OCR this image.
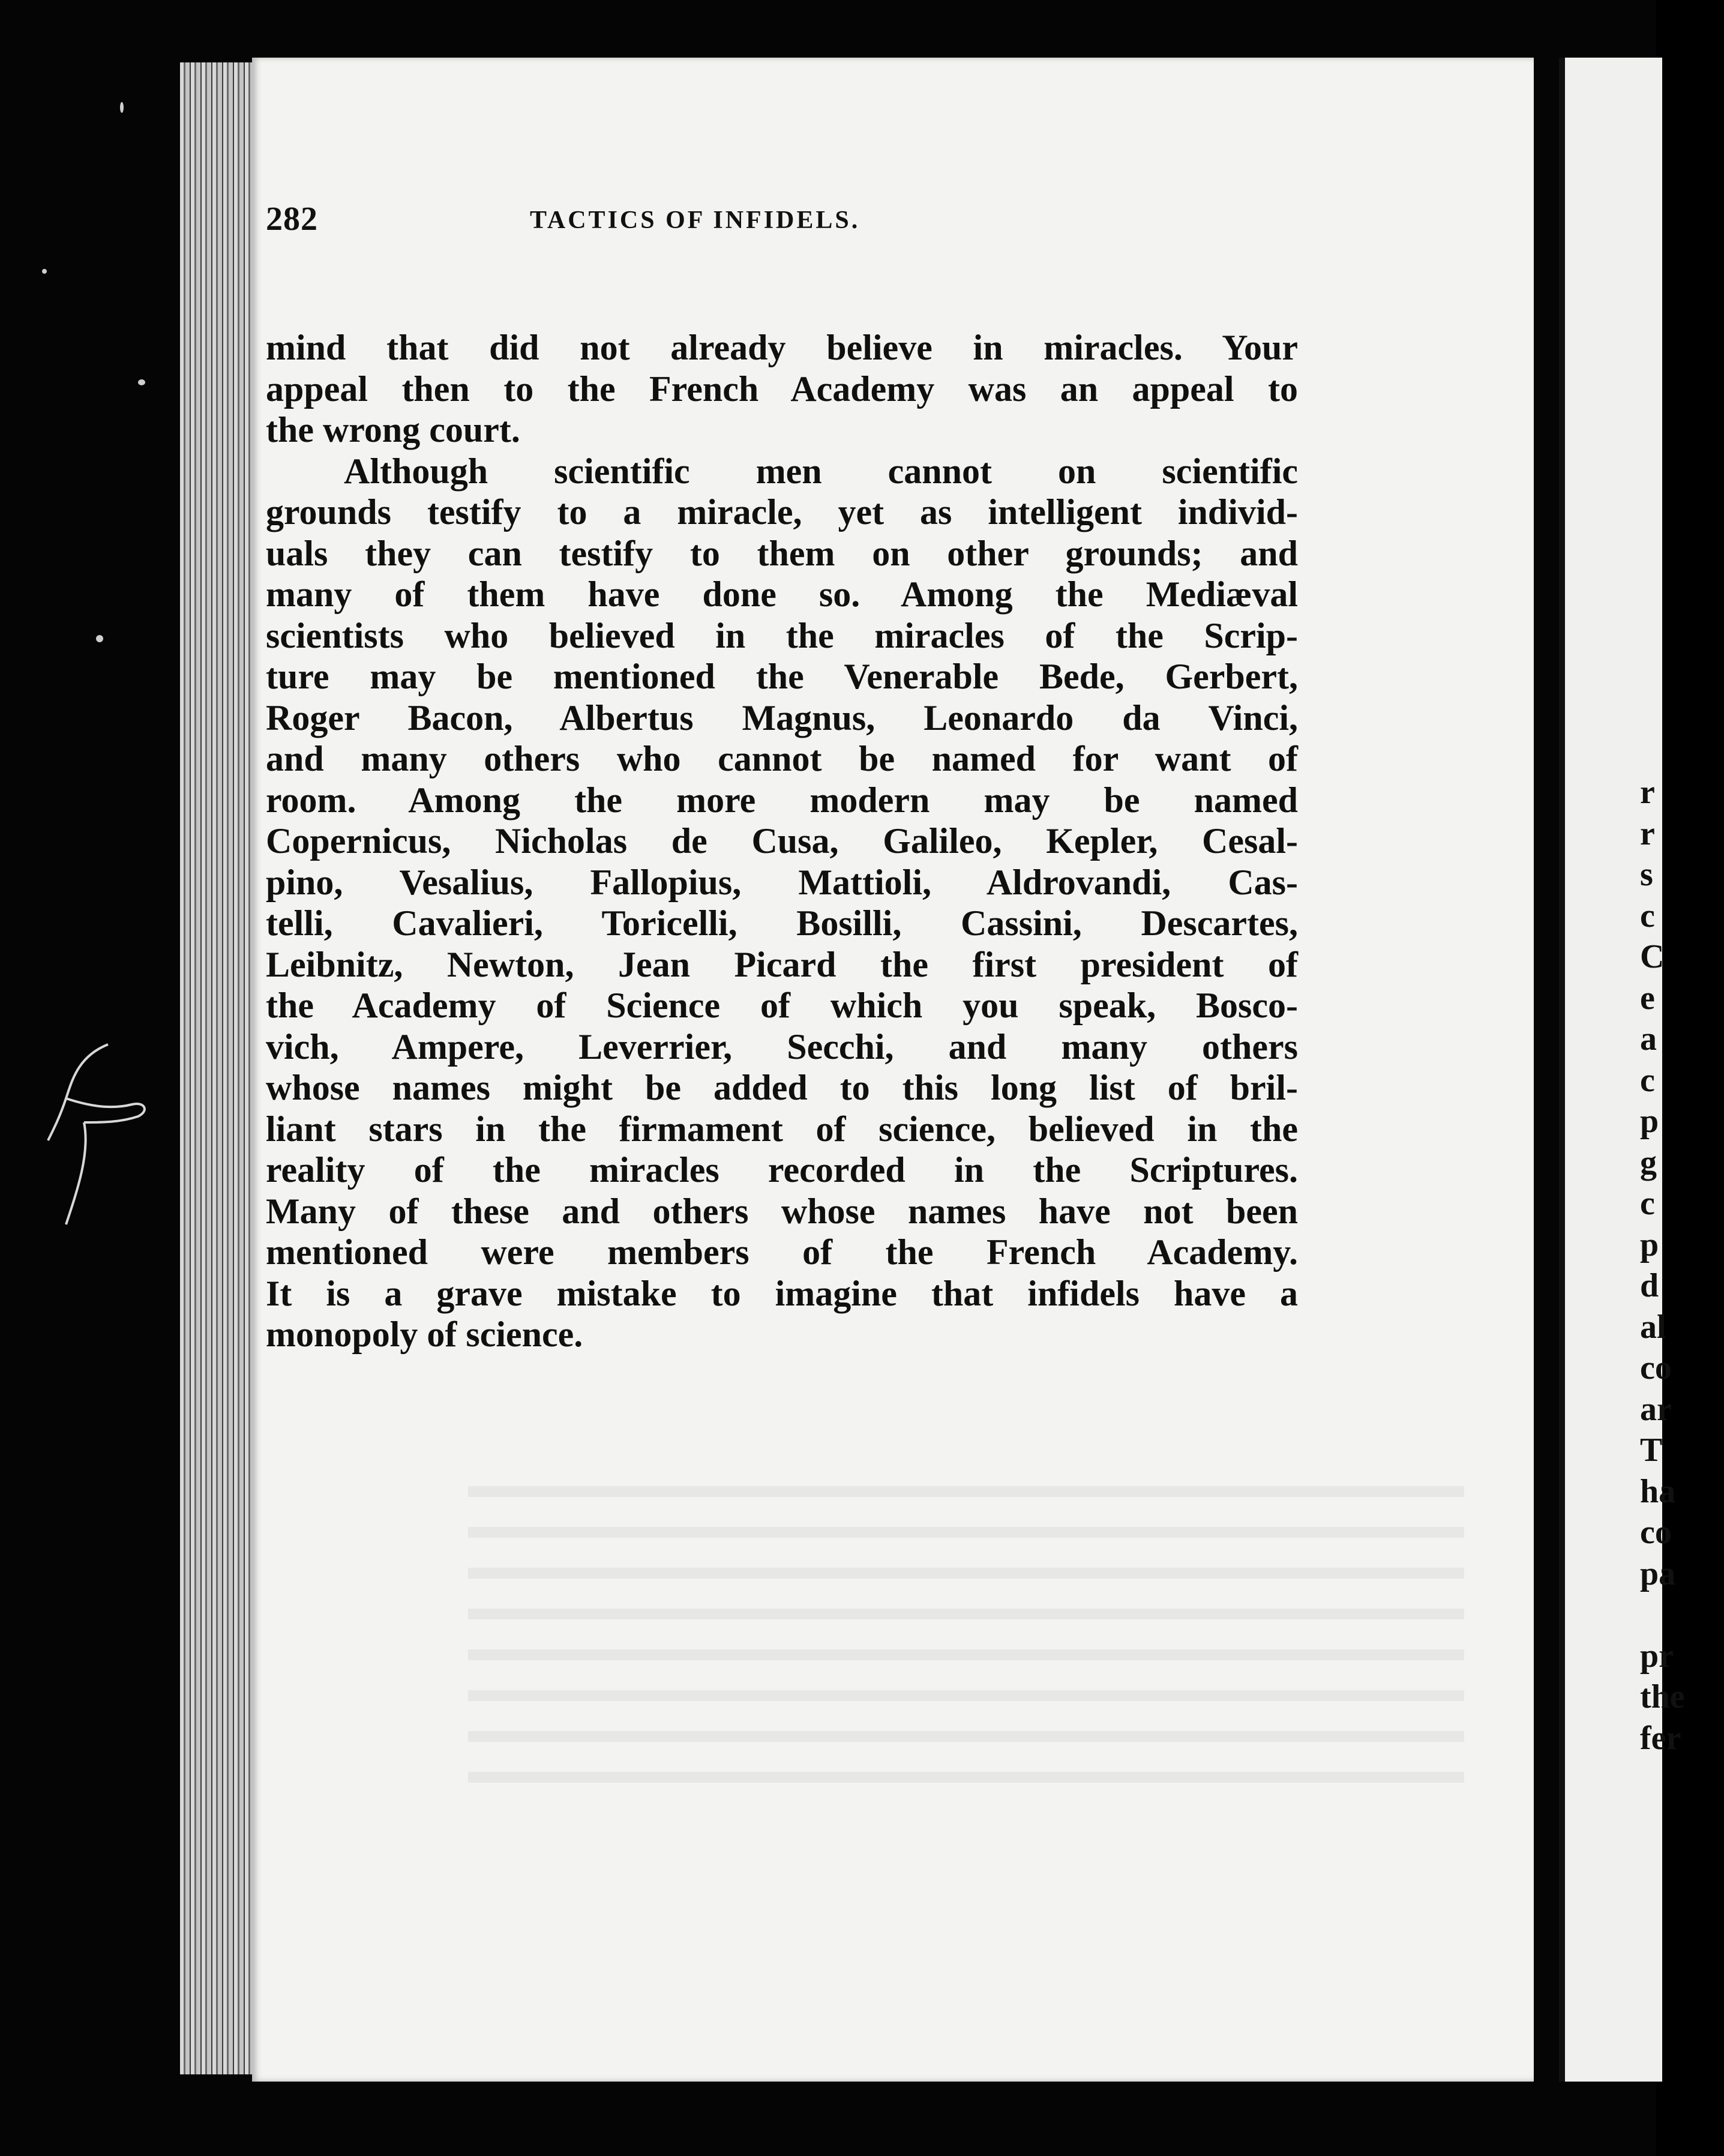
282	TACTICS OF INFIDELS.
mind that did not already believe in miracles. Your
appeal then to the French Academy was an appeal to
the wrong court.
Although scientific men cannot on scientific
grounds testify to a miracle, yet as intelligent individ-
uals they can testify to them on other grounds; and
many of them have done so. Among the Mediæval
scientists who believed in the miracles of the Scrip-
ture may be mentioned the Venerable Bede, Gerbert,
Roger Bacon, Albertus Magnus, Leonardo da Vinci,
and many others who cannot be named for want of
room. Among the more modern may be named
Copernicus, Nicholas de Cusa, Galileo, Kepler, Cesal-
pino, Vesalius, Fallopius, Mattioli, Aldrovandi, Cas-
telli, Cavalieri, Toricelli, Bosilli, Cassini, Descartes,
Leibnitz, Newton, Jean Picard the first president of
the Academy of Science of which you speak, Bosco-
vich, Ampere, Leverrier, Secchi, and many others
whose names might be added to this long list of bril-
liant stars in the firmament of science, believed in the
reality of the miracles recorded in the Scriptures.
Many of these and others whose names have not been
mentioned were members of the French Academy.
It is a grave mistake to imagine that infidels have a
monopoly of science.
r
r
s
c
C
e
a
c
p
g
c
p
d
al
co
ar
T
ha
co
pa
pr
the
fer
